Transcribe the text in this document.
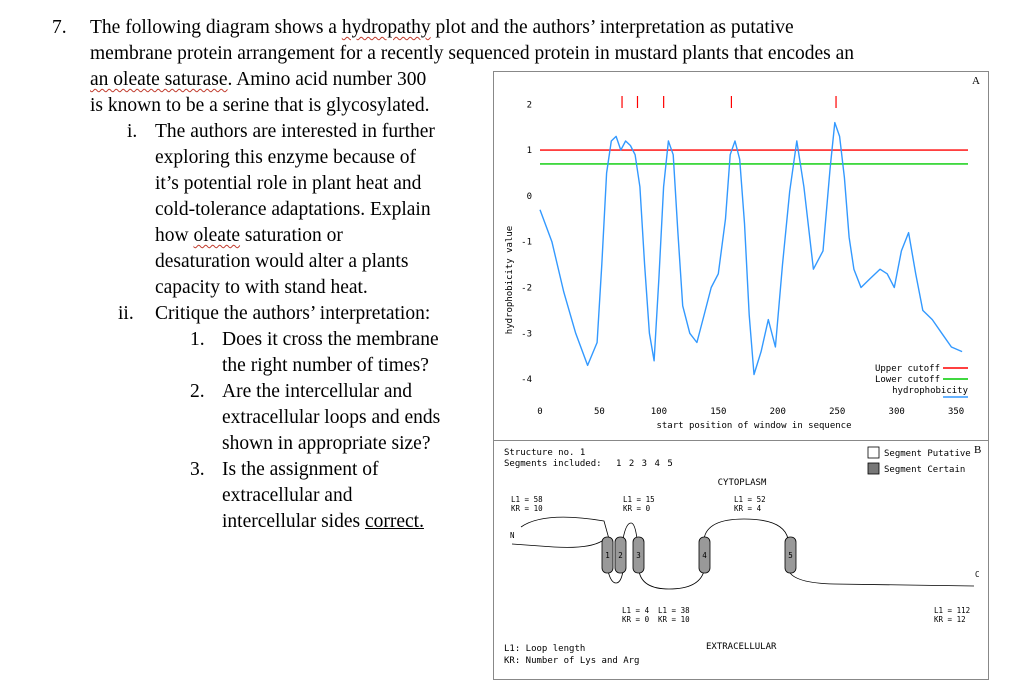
7. The following diagram shows a hydropathy plot and the authors’ interpretation as putative
membrane protein arrangement for a recently sequenced protein in mustard plants that encodes an
an oleate saturase. Amino acid number 300
is known to be a serine that is glycosylated.
i. The authors are interested in further
exploring this enzyme because of
it’s potential role in plant heat and
cold-tolerance adaptations. Explain
how oleate saturation or
desaturation would alter a plants
capacity to with stand heat.
ii. Critique the authors’ interpretation:
1. Does it cross the membrane
the right number of times?
2. Are the intercellular and
extracellular loops and ends
shown in appropriate size?
3. Is the assignment of
extracellular and
intercellular sides correct.
A
hydrophobicity value
start position of window in sequence
2
1
0
-1
-2
-3
-4
0	50	100	150	200	250	300	350
Upper cutoff
Lower cutoff
hydrophobicity
B
Structure no. 1
Segments included: 1 2 3 4 5
Segment Putative
Segment Certain
CYTOPLASM
L1 = 58
KR = 10
L1 = 15
KR = 0
L1 = 52
KR = 4
N
C
1 2 3	4	5
L1 = 4
KR = 0
L1 = 38
KR = 10
L1 = 112
KR = 12
EXTRACELLULAR
L1: Loop length
KR: Number of Lys and Arg
